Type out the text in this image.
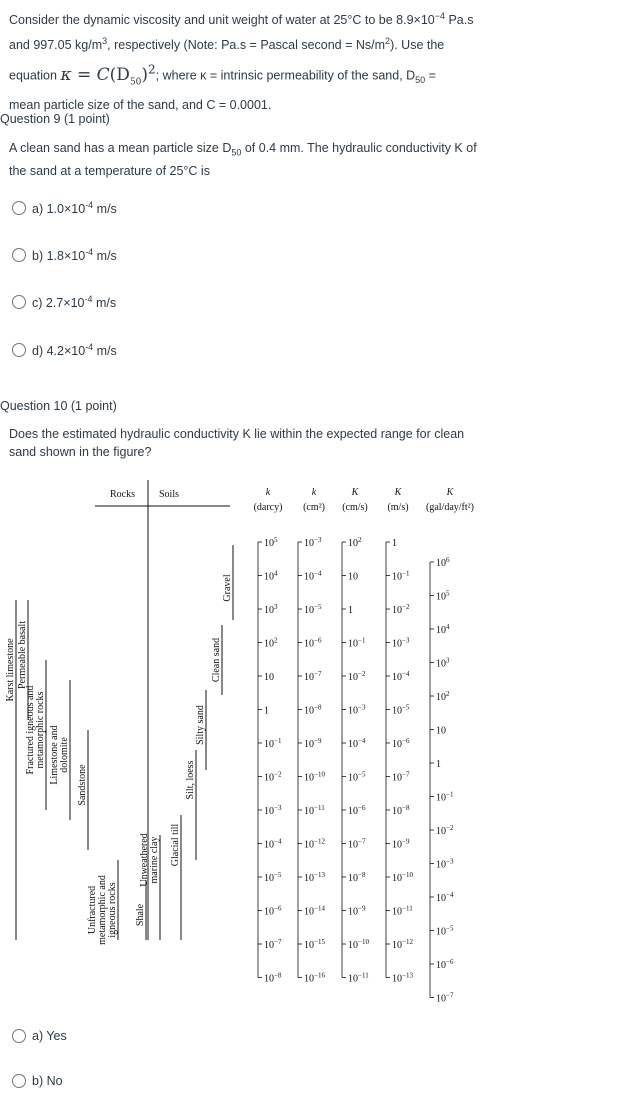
Consider the dynamic viscosity and unit weight of water at 25°C to be $8.9\times 10^{-4}$ Pa.s

and 997.05 $kg/m^3$, respectively (Note: Pa.s = Pascal second = $Ns/m^2$). Use the

equation $\kappa = C(D_{50})^2$; where κ = intrinsic permeability of the sand, $D_{50}$ =

mean particle size of the sand, and C = 0.0001.

Question 9 (1 point)
A clean sand has a mean particle size $D_{50}$ of 0.4 mm. The hydraulic conductivity K of
the sand at a temperature of 25°C is
a) $1.0\times 10^{-4}$ m/s
b) $1.8\times 10^{-4}$ m/s
c) $2.7\times 10^{-4}$ m/s
d) $4.2\times 10^{-4}$ m/s
Question 10 (1 point)
Does the estimated hydraulic conductivity K lie within the expected range for clean
sand shown in the figure?
Rocks Soils
Karst limestone Permeable basalt
Fractured igneous and metamorphic rocks Limestone and dolomite
Sandstone
Unfractured metamorphic and igneous rocks Shale
Unweathered marine clay Glacial till
Silt, loess
Silty sand
Clean sand
Gravel
k
(darcy)
$10^5$
$10^4$
$10^3$
$10^2$
10
1
$10^{-1}$
$10^{-2}$
$10^{-3}$
$10^{-4}$
$10^{-5}$
$10^{-6}$
$10^{-7}$
$10^{-8}$
k
(cm²)
$10^{-3}$
$10^{-4}$
$10^{-5}$
$10^{-6}$
$10^{-7}$
$10^{-8}$
$10^{-9}$
$10^{-10}$
$10^{-11}$
$10^{-12}$
$10^{-13}$
$10^{-14}$
$10^{-15}$
$10^{-16}$
K
(cm/s)
$10^2$
10
1
$10^{-1}$
$10^{-2}$
$10^{-3}$
$10^{-4}$
$10^{-5}$
$10^{-6}$
$10^{-7}$
$10^{-8}$
$10^{-9}$
$10^{-10}$
$10^{-11}$
K
(m/s)
1
$10^{-1}$
$10^{-2}$
$10^{-3}$
$10^{-4}$
$10^{-5}$
$10^{-6}$
$10^{-7}$
$10^{-8}$
$10^{-9}$
$10^{-10}$
$10^{-11}$
$10^{-12}$
$10^{-13}$
K
(gal/day/ft²)
$10^6$
$10^5$
$10^4$
$10^3$
$10^2$
10
1
$10^{-1}$
$10^{-2}$
$10^{-3}$
$10^{-4}$
$10^{-5}$
$10^{-6}$
$10^{-7}$
a) Yes
b) No
